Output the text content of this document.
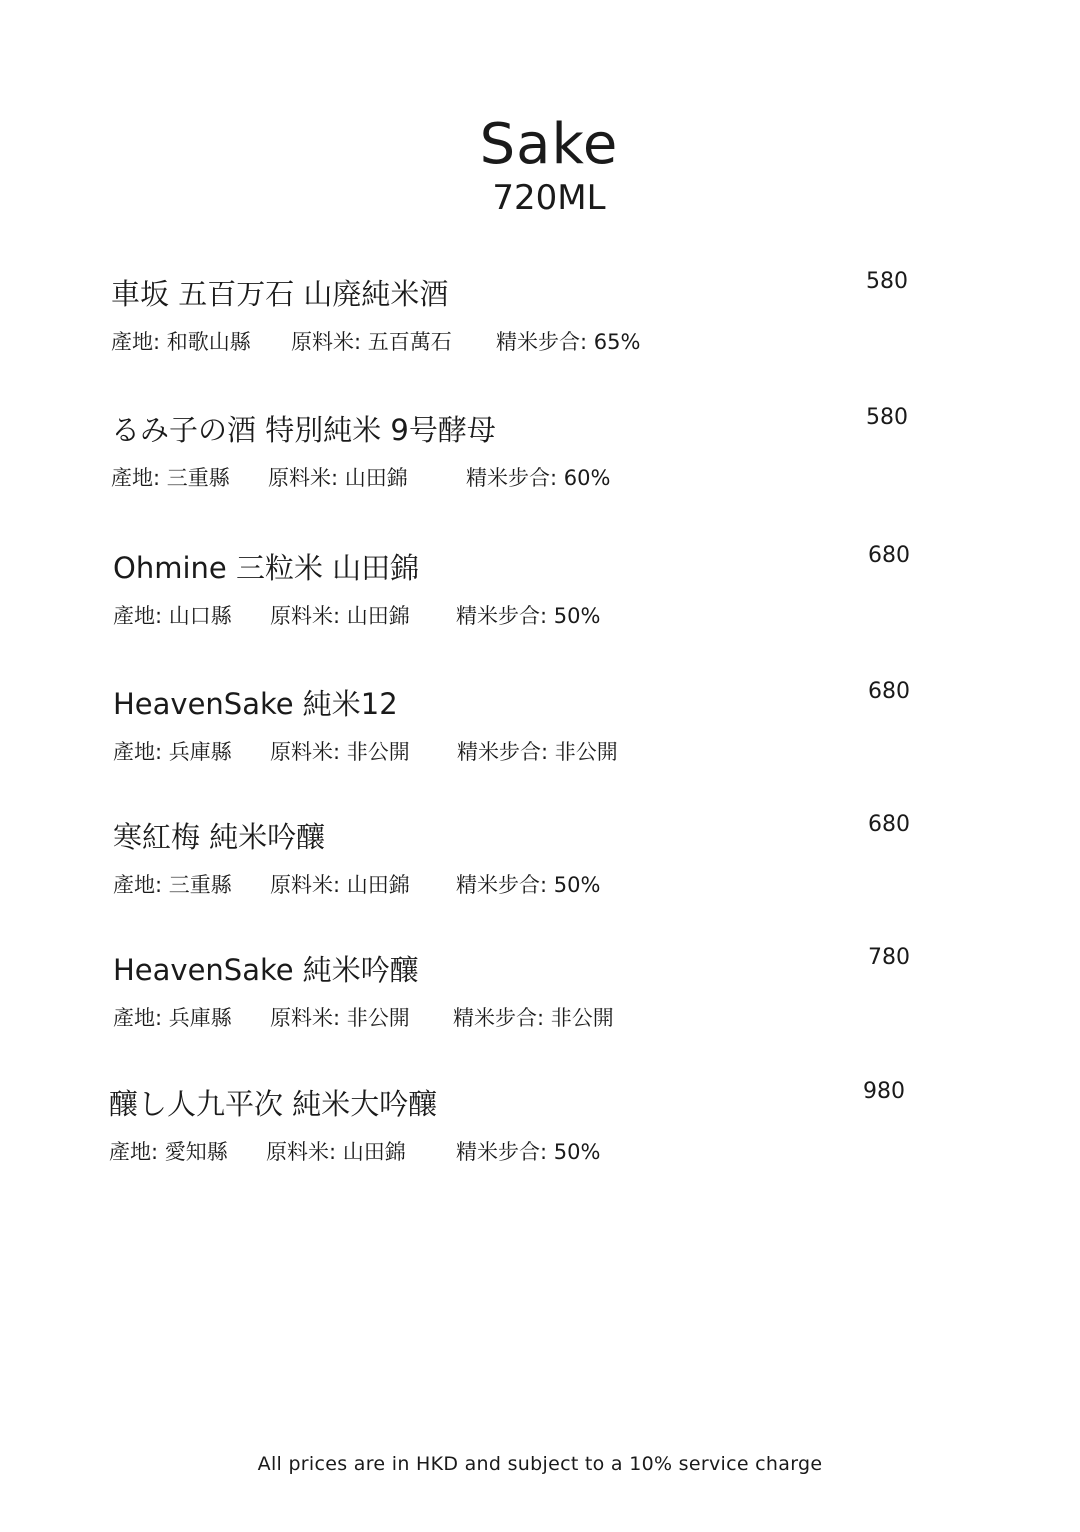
Sake
720ML
車坂 五百万石 山廃純米酒	580
產地: 和歌山縣 原料米: 五百萬石 精米步合: 65%
るみ子の酒 特別純米 9号酵母	580
產地: 三重縣 原料米: 山田錦	精米步合: 60%
Ohmine 三粒米 山田錦	680
產地: 山口縣 原料米: 山田錦 精米步合: 50%
HeavenSake 純米12	680
產地: 兵庫縣 原料米: 非公開 精米步合: 非公開
寒紅梅 純米吟釀	680
產地: 三重縣 原料米: 山田錦 精米步合: 50%
HeavenSake 純米吟釀	780
產地: 兵庫縣 原料米: 非公開 精米步合: 非公開
釀し人九平次 純米大吟釀	980
產地: 愛知縣 原料米: 山田錦 精米步合: 50%
All prices are in HKD and subject to a 10% service charge
